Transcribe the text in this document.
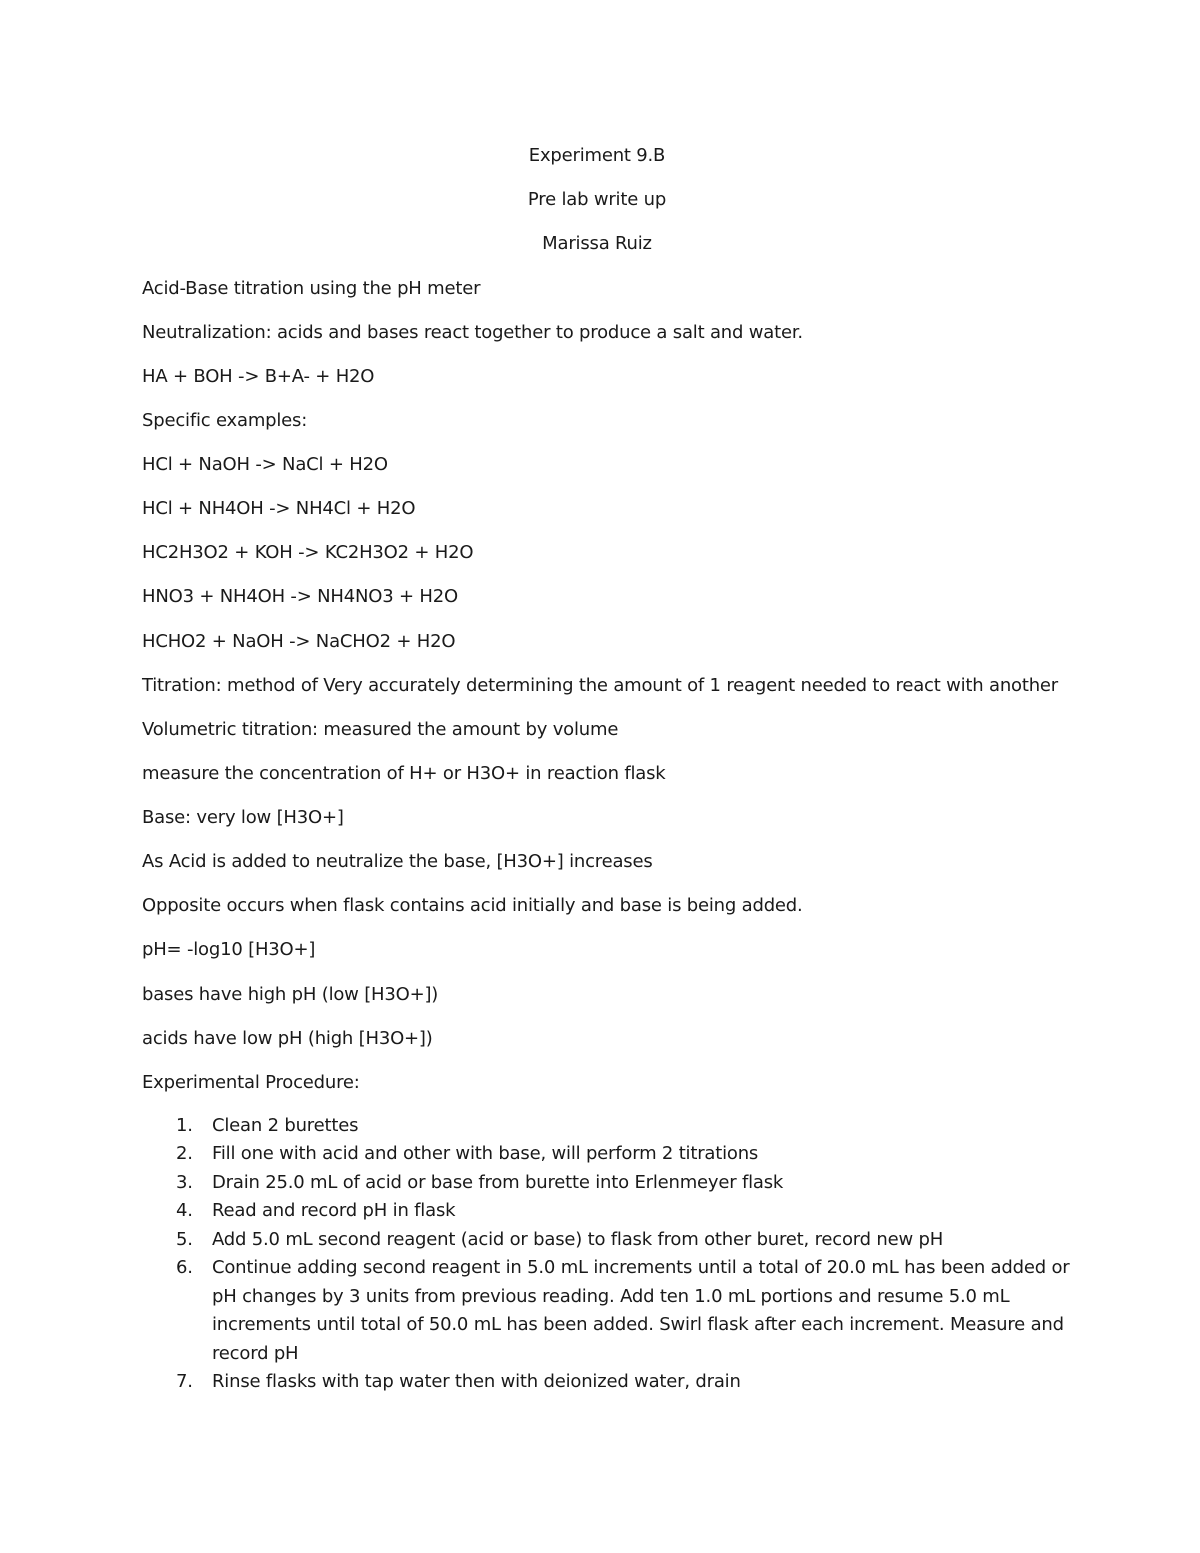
Experiment 9.B
Pre lab write up
Marissa Ruiz
Acid-Base titration using the pH meter
Neutralization: acids and bases react together to produce a salt and water.
HA + BOH -> B+A- + H2O
Specific examples:
HCl + NaOH -> NaCl + H2O
HCl + NH4OH -> NH4Cl + H2O
HC2H3O2 + KOH -> KC2H3O2 + H2O
HNO3 + NH4OH -> NH4NO3 + H2O
HCHO2 + NaOH -> NaCHO2 + H2O
Titration: method of Very accurately determining the amount of 1 reagent needed to react with another
Volumetric titration: measured the amount by volume
measure the concentration of H+ or H3O+ in reaction flask
Base: very low [H3O+]
As Acid is added to neutralize the base, [H3O+] increases
Opposite occurs when flask contains acid initially and base is being added.
pH= -log10 [H3O+]
bases have high pH (low [H3O+])
acids have low pH (high [H3O+])
Experimental Procedure:
1.	Clean 2 burettes
2.	Fill one with acid and other with base, will perform 2 titrations
3.	Drain 25.0 mL of acid or base from burette into Erlenmeyer flask
4.	Read and record pH in flask
5.	Add 5.0 mL second reagent (acid or base) to flask from other buret, record new pH
6.	Continue adding second reagent in 5.0 mL increments until a total of 20.0 mL has been added or pH changes by 3 units from previous reading. Add ten 1.0 mL portions and resume 5.0 mL increments until total of 50.0 mL has been added. Swirl flask after each increment. Measure and record pH
7.	Rinse flasks with tap water then with deionized water, drain
